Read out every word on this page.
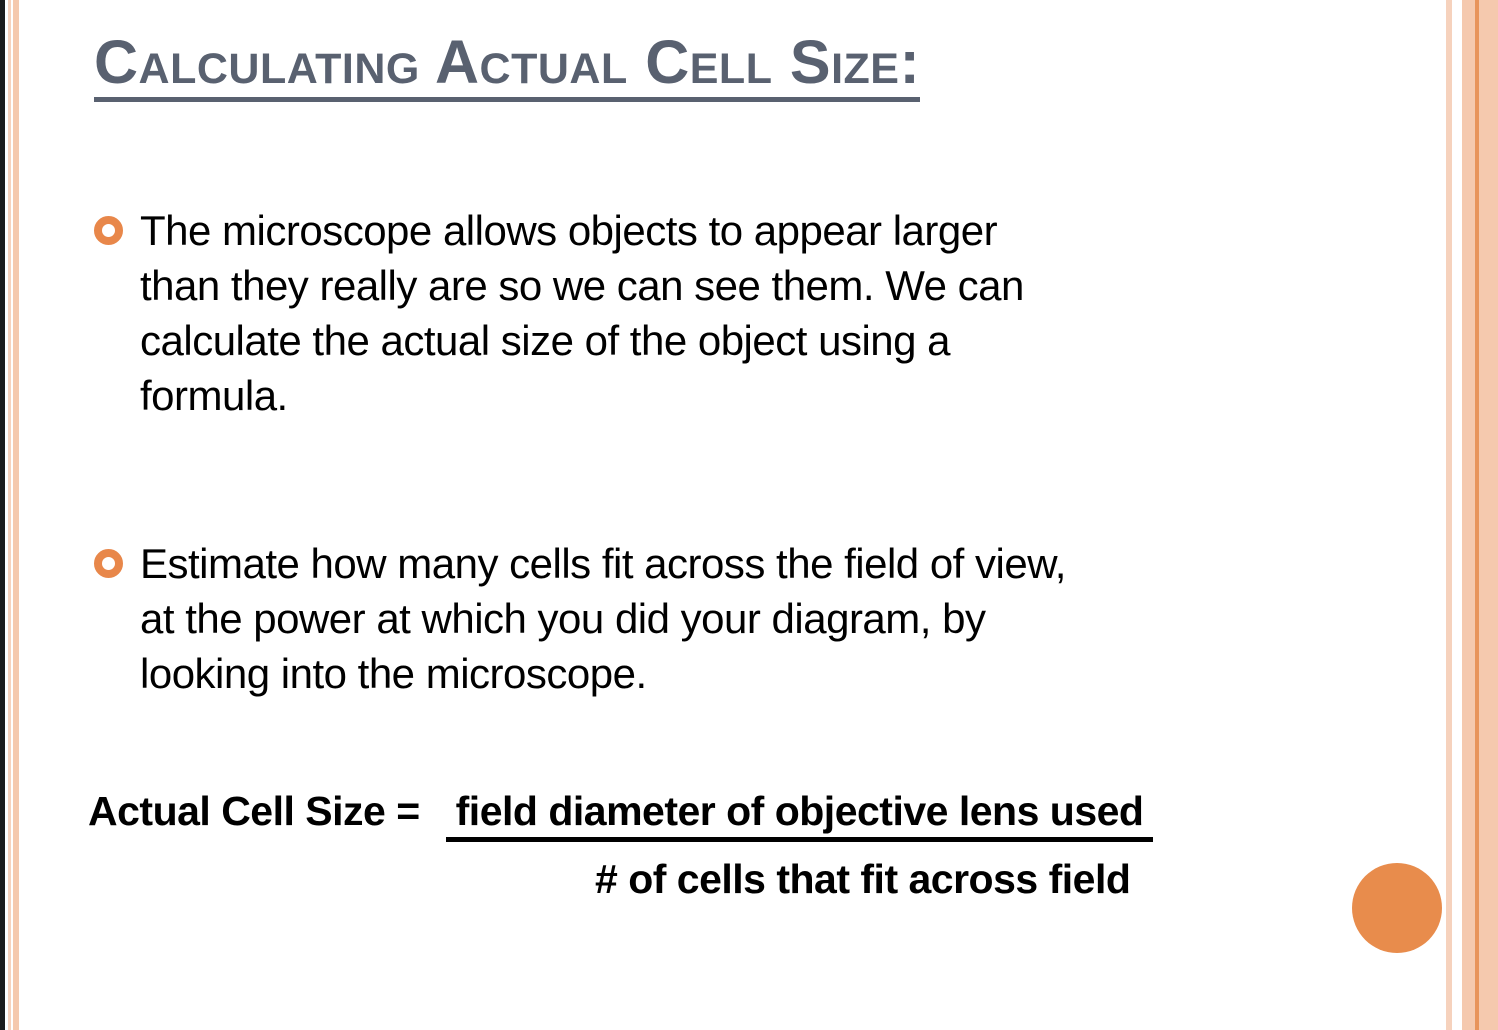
Calculating Actual Cell Size:
The microscope allows objects to appear larger
than they really are so we can see them. We can
calculate the actual size of the object using a
formula.
Estimate how many cells fit across the field of view,
at the power at which you did your diagram, by
looking into the microscope.
Actual Cell Size = field diameter of objective lens used
# of cells that fit across field
